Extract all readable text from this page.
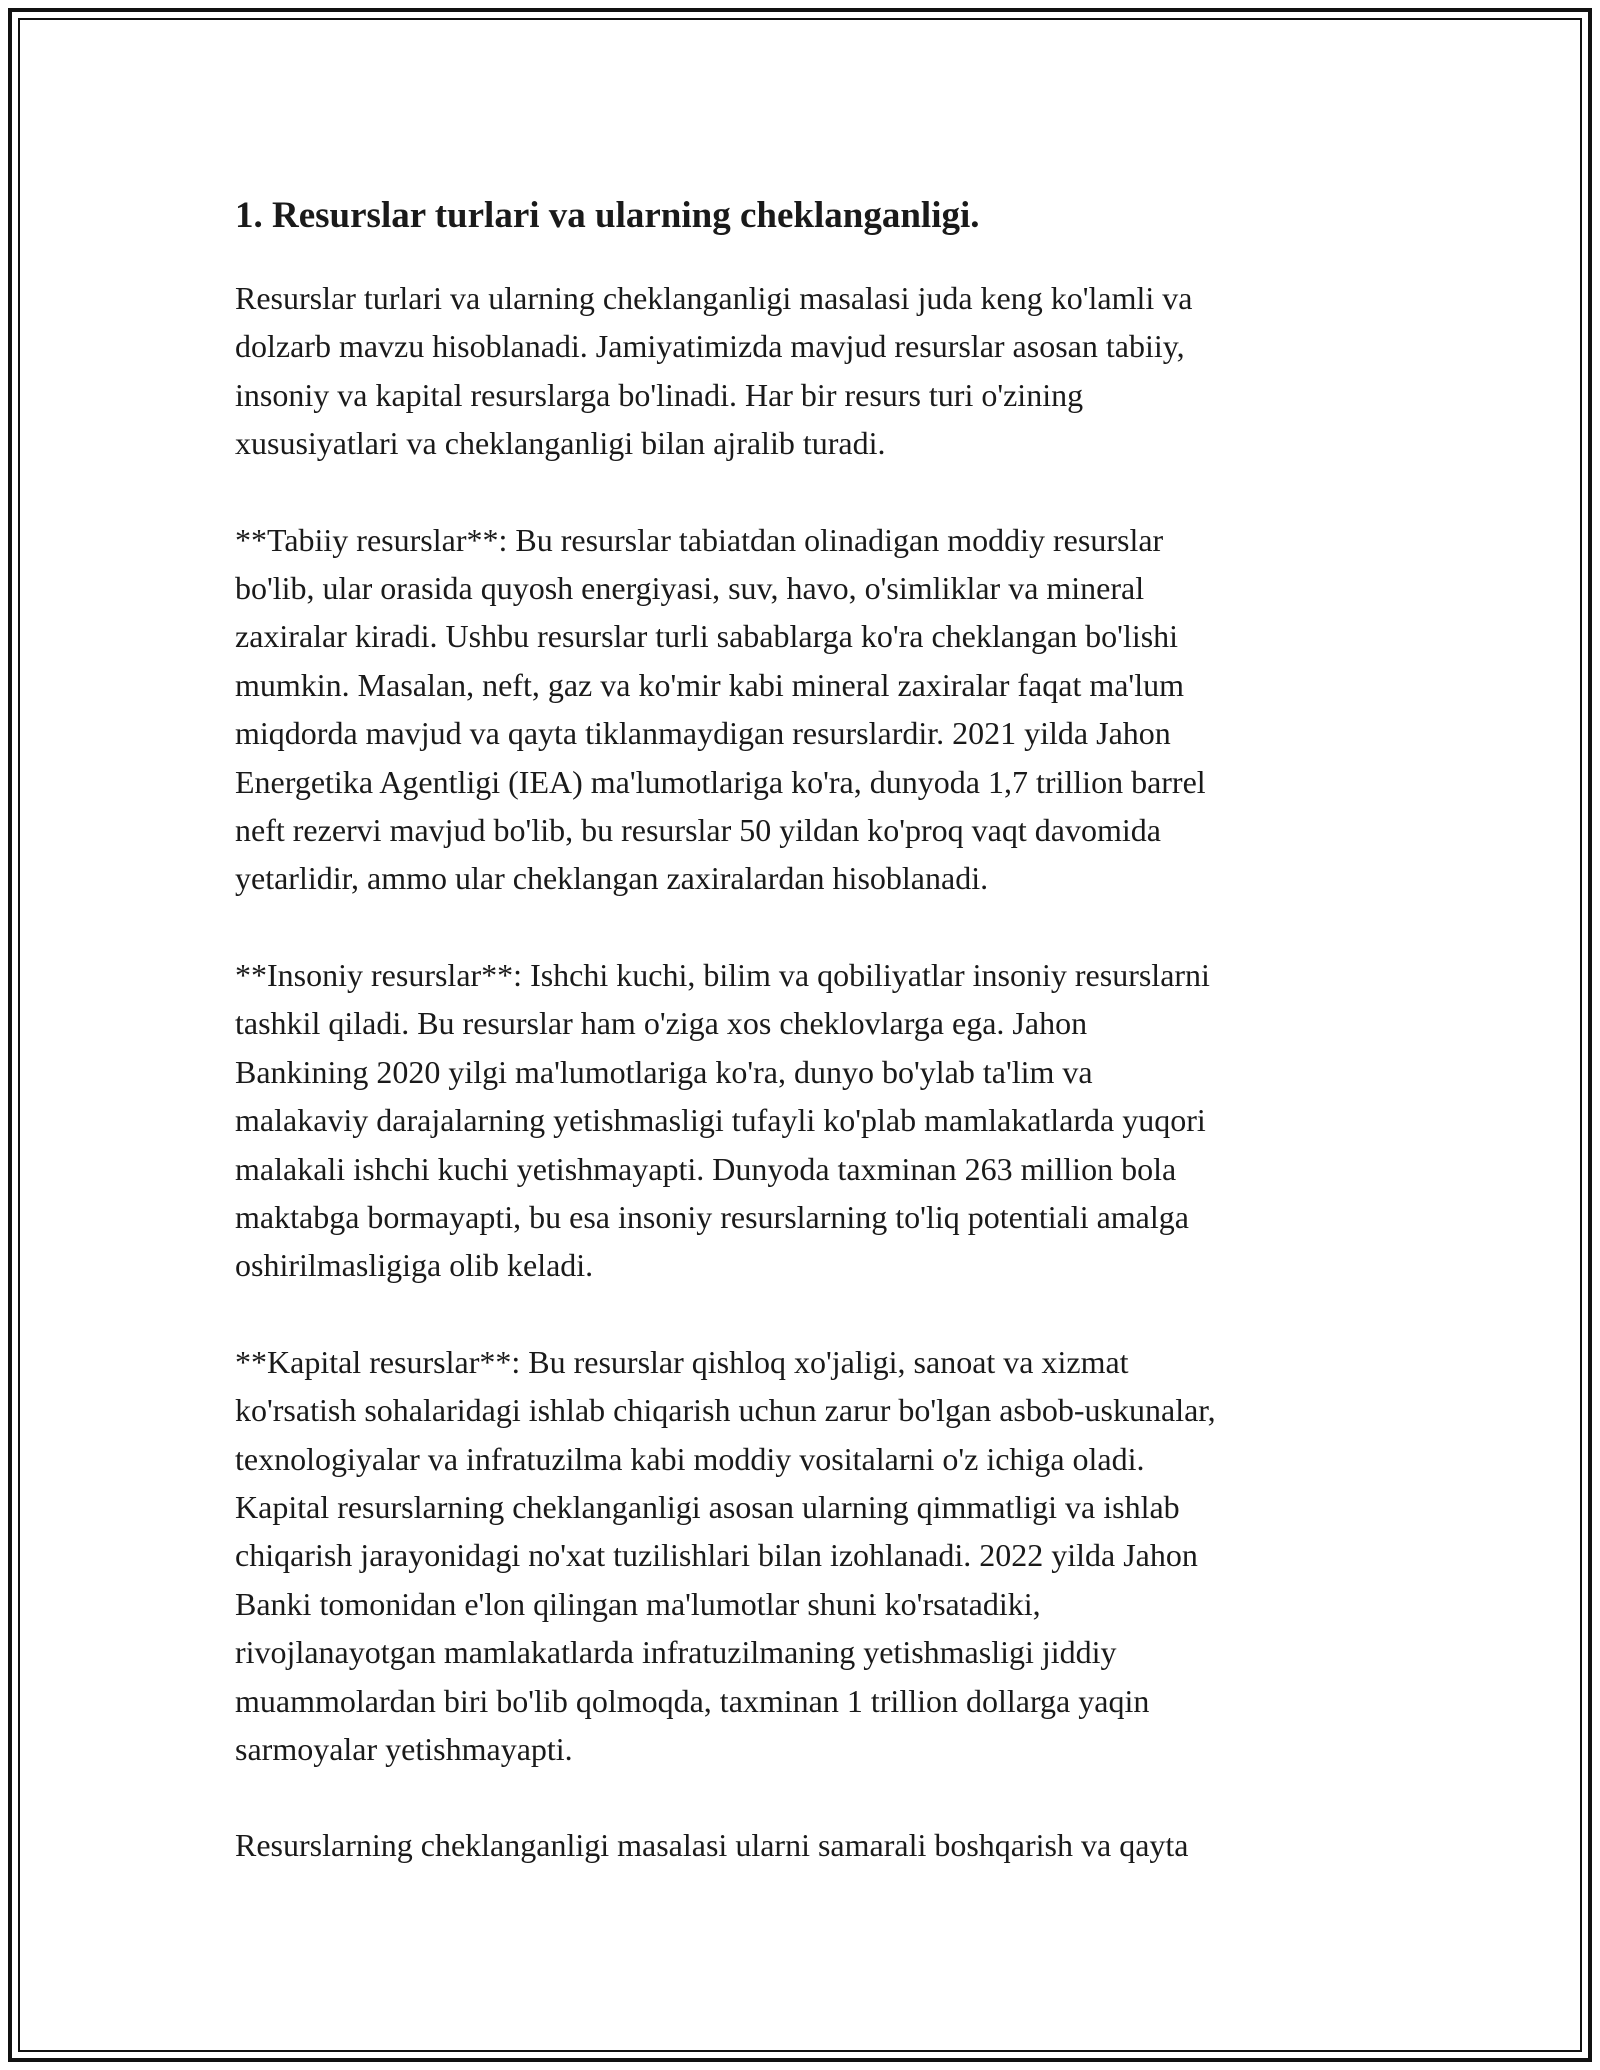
1. Resurslar turlari va ularning cheklanganligi.

Resurslar turlari va ularning cheklanganligi masalasi juda keng ko'lamli va
dolzarb mavzu hisoblanadi. Jamiyatimizda mavjud resurslar asosan tabiiy,
insoniy va kapital resurslarga bo'linadi. Har bir resurs turi o'zining
xususiyatlari va cheklanganligi bilan ajralib turadi.

**Tabiiy resurslar**: Bu resurslar tabiatdan olinadigan moddiy resurslar
bo'lib, ular orasida quyosh energiyasi, suv, havo, o'simliklar va mineral
zaxiralar kiradi. Ushbu resurslar turli sabablarga ko'ra cheklangan bo'lishi
mumkin. Masalan, neft, gaz va ko'mir kabi mineral zaxiralar faqat ma'lum
miqdorda mavjud va qayta tiklanmaydigan resurslardir. 2021 yilda Jahon
Energetika Agentligi (IEA) ma'lumotlariga ko'ra, dunyoda 1,7 trillion barrel
neft rezervi mavjud bo'lib, bu resurslar 50 yildan ko'proq vaqt davomida
yetarlidir, ammo ular cheklangan zaxiralardan hisoblanadi.

**Insoniy resurslar**: Ishchi kuchi, bilim va qobiliyatlar insoniy resurslarni
tashkil qiladi. Bu resurslar ham o'ziga xos cheklovlarga ega. Jahon
Bankining 2020 yilgi ma'lumotlariga ko'ra, dunyo bo'ylab ta'lim va
malakaviy darajalarning yetishmasligi tufayli ko'plab mamlakatlarda yuqori
malakali ishchi kuchi yetishmayapti. Dunyoda taxminan 263 million bola
maktabga bormayapti, bu esa insoniy resurslarning to'liq potentiali amalga
oshirilmasligiga olib keladi.

**Kapital resurslar**: Bu resurslar qishloq xo'jaligi, sanoat va xizmat
ko'rsatish sohalaridagi ishlab chiqarish uchun zarur bo'lgan asbob-uskunalar,
texnologiyalar va infratuzilma kabi moddiy vositalarni o'z ichiga oladi.
Kapital resurslarning cheklanganligi asosan ularning qimmatligi va ishlab
chiqarish jarayonidagi no'xat tuzilishlari bilan izohlanadi. 2022 yilda Jahon
Banki tomonidan e'lon qilingan ma'lumotlar shuni ko'rsatadiki,
rivojlanayotgan mamlakatlarda infratuzilmaning yetishmasligi jiddiy
muammolardan biri bo'lib qolmoqda, taxminan 1 trillion dollarga yaqin
sarmoyalar yetishmayapti.

Resurslarning cheklanganligi masalasi ularni samarali boshqarish va qayta
